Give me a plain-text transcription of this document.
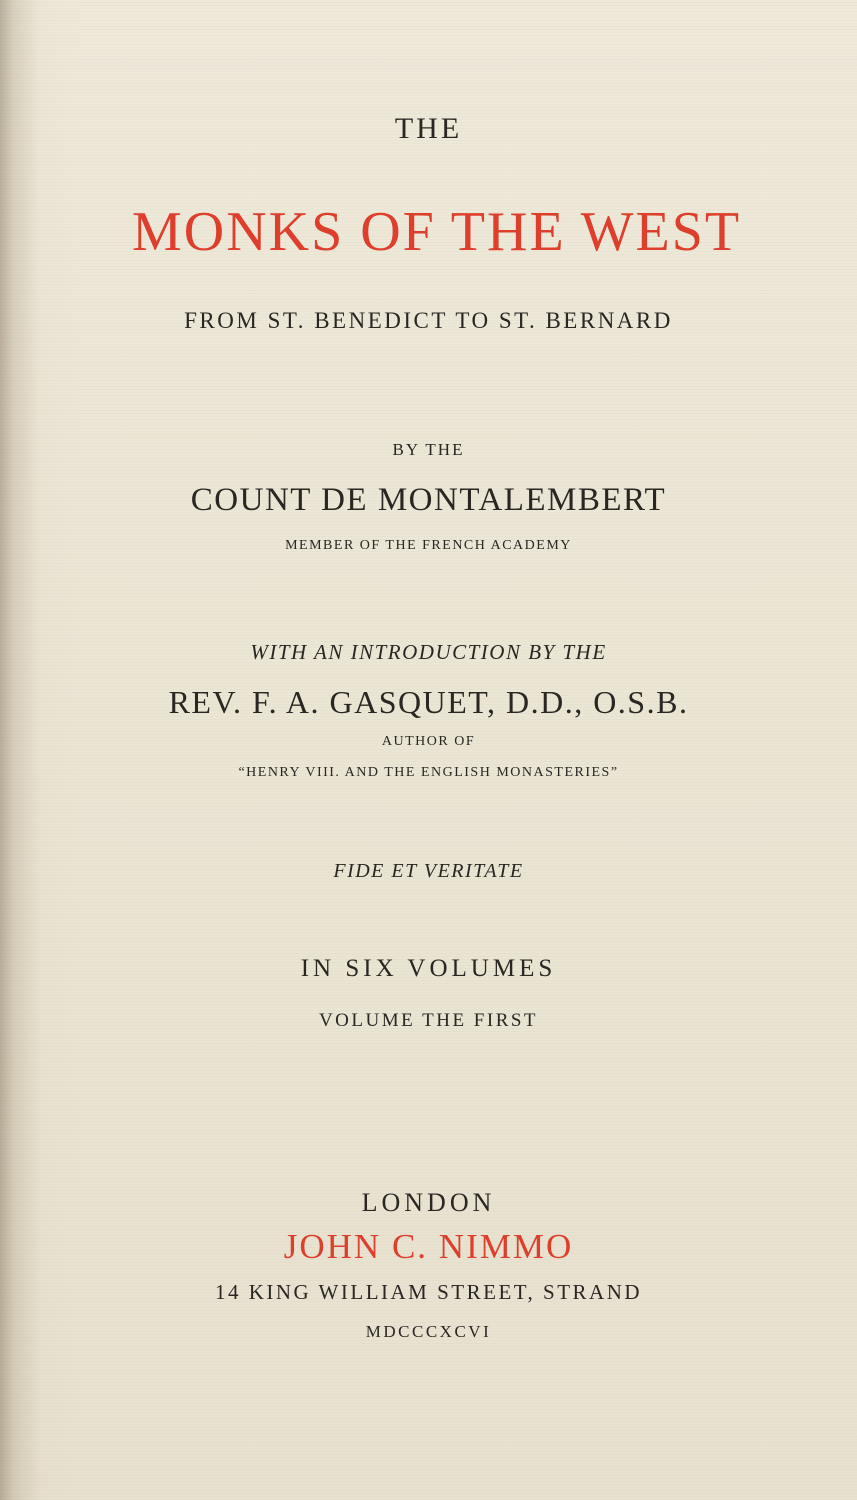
THE
MONKS OF THE WEST
FROM ST. BENEDICT TO ST. BERNARD
BY THE
COUNT DE MONTALEMBERT
MEMBER OF THE FRENCH ACADEMY
WITH AN INTRODUCTION BY THE
REV. F. A. GASQUET, D.D., O.S.B.
AUTHOR OF
“HENRY VIII. AND THE ENGLISH MONASTERIES”
FIDE ET VERITATE
IN SIX VOLUMES
VOLUME THE FIRST
LONDON
JOHN C. NIMMO
14 KING WILLIAM STREET, STRAND
MDCCCXCVI
